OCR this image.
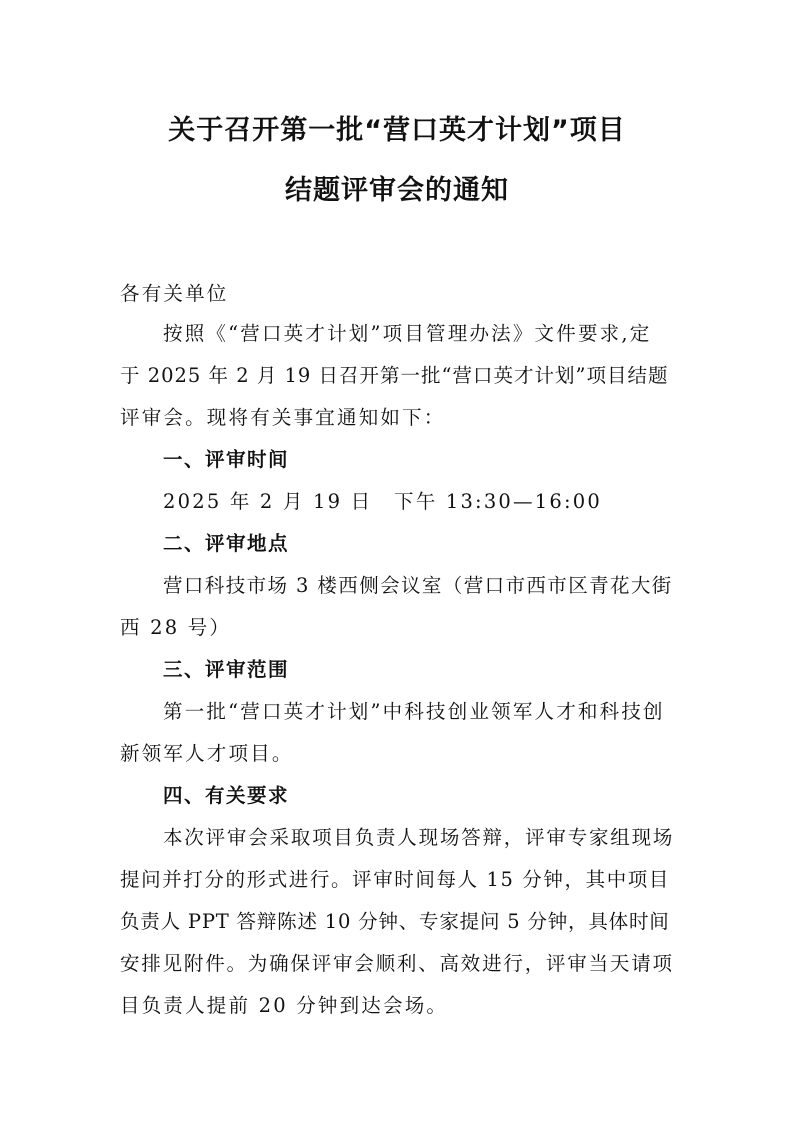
关于召开第一批“营口英才计划”项目
结题评审会的通知
各有关单位
按照《“营口英才计划”项目管理办法》文件要求,定
于 2025 年 2 月 19 日召开第一批“营口英才计划”项目结题
评审会。现将有关事宜通知如下：
一、评审时间
2025 年 2 月 19 日　下午 13:30—16:00
二、评审地点
营口科技市场 3 楼西侧会议室（营口市西市区青花大街
西 28 号）
三、评审范围
第一批“营口英才计划”中科技创业领军人才和科技创
新领军人才项目。
四、有关要求
本次评审会采取项目负责人现场答辩，评审专家组现场
提问并打分的形式进行。评审时间每人 15 分钟，其中项目
负责人 PPT 答辩陈述 10 分钟、专家提问 5 分钟，具体时间
安排见附件。为确保评审会顺利、高效进行，评审当天请项
目负责人提前 20 分钟到达会场。
